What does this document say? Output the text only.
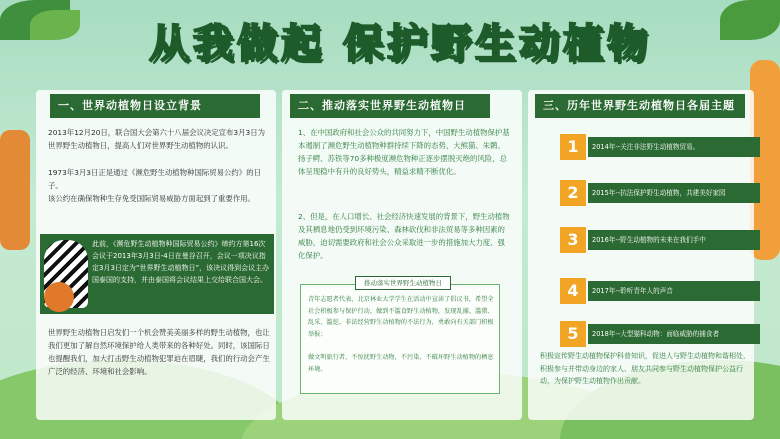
从我做起 保护野生动植物
一、世界动植物日设立背景

2013年12月20日，联合国大会第六十八届会议决定宣布3月3日为世界野生动植物日，提高人们对世界野生动植物的认识。

1973年3月3日正是通过《濒危野生动植物种国际贸易公约》的日子。

该公约在确保物种生存免受国际贸易威胁方面起到了重要作用。

此前，《濒危野生动植物种国际贸易公约》缔约方第16次会议于2013年3月3日-4日在曼谷召开，会议一项决议指定3月3日定为“世界野生动植物日”，该决议得到会议主办国泰国的支持，并由泰国将会议结果上交给联合国大会。

世界野生动植物日启发们一个机会赞美美丽多样的野生动植物，也让我们更加了解自然环境保护给人类带来的各种好处。同时，该国际日也提醒我们，加大打击野生动植物犯罪迫在眉睫，我们的行动会产生广泛的经济、环境和社会影响。

二、推动落实世界野生动植物日

1、在中国政府和社会公众的共同努力下，中国野生动植物保护基本遏制了濒危野生动植物种群持续下降的态势，大熊猫、朱鹮、扬子鳄、苏铁等70多种极度濒危物种正逐步摆脱灭绝的风险，总体呈现稳中有升的良好势头，精益求精不断优化。

2、但是，在人口增长、社会经济快速发展的背景下，野生动植物及其栖息地仍受到环境污染、森林砍伐和非法贸易等多种因素的威胁，迫切需要政府和社会公众采取进一步的措施加大力度、强化保护。

推动落实世界野生动植物日

青年志愿者代表、北京林业大学学生在活动中宣读了倡议书，希望全社会积极参与保护行动，做到不滥食野生动植物，发现乱捕、滥猎、乱采、滥挖、非法经营野生动植物的不法行为，勇敢向有关部门积极举报；

做文明旅行者，不惊扰野生动物，不污染、不破坏野生动植物的栖息环境。

三、历年世界野生动植物日各届主题
1	2014年--关注非法野生动植物贸易。
2	2015年--抗法保护野生动植物，共建美好家园
3	2016年--野生动植物的未来在我们手中
4	2017年--聆听青年人的声音
5	2018年--大型猫科动物：面临威胁的捕食者

积极宣传野生动植物保护科普知识，促进人与野生动植物和谐相处，积极参与并带动身边的家人、朋友共同参与野生动植物保护公益行动，为保护野生动植物作出贡献。
